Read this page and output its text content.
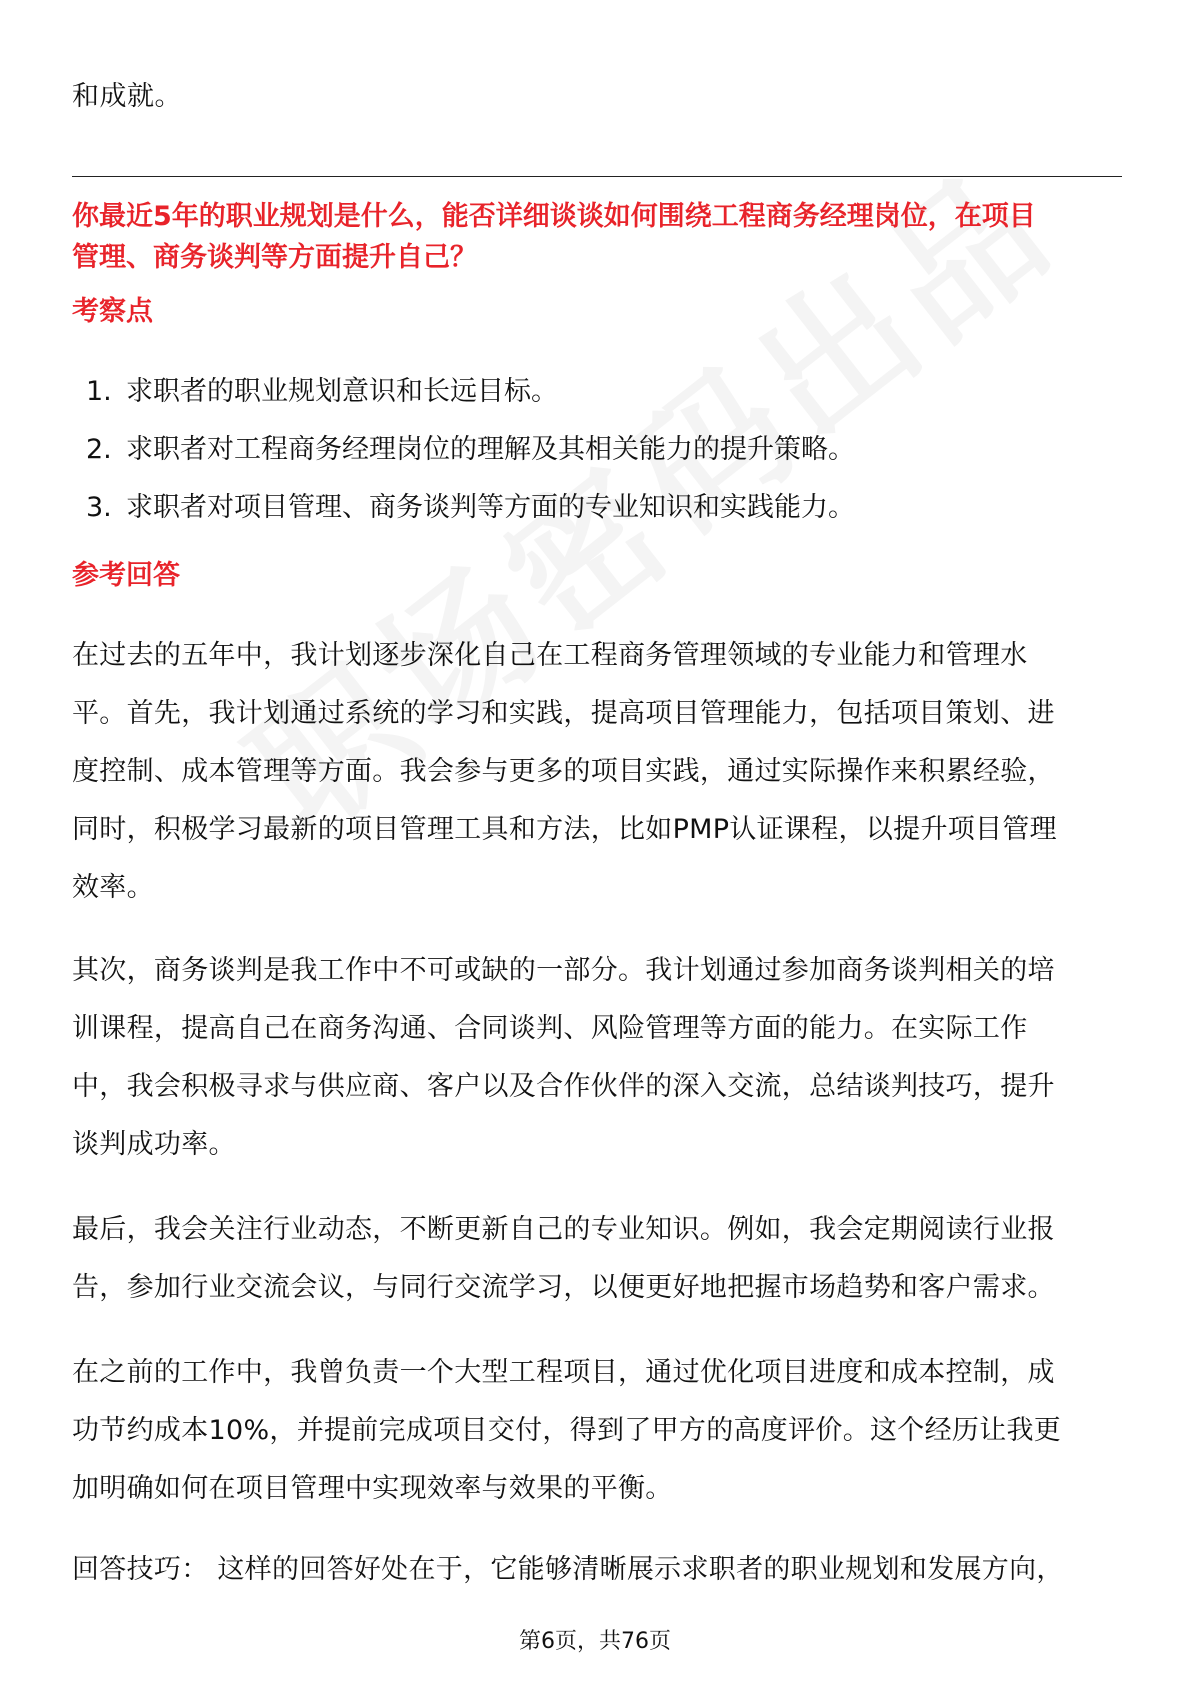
和成就。
你最近5年的职业规划是什么，能否详细谈谈如何围绕工程商务经理岗位，在项目
管理、商务谈判等方面提升自己？
考察点
1. 求职者的职业规划意识和长远目标。
2. 求职者对工程商务经理岗位的理解及其相关能力的提升策略。
3. 求职者对项目管理、商务谈判等方面的专业知识和实践能力。
参考回答
在过去的五年中，我计划逐步深化自己在工程商务管理领域的专业能力和管理水
平。首先，我计划通过系统的学习和实践，提高项目管理能力，包括项目策划、进
度控制、成本管理等方面。我会参与更多的项目实践，通过实际操作来积累经验，
同时，积极学习最新的项目管理工具和方法，比如PMP认证课程，以提升项目管理
效率。
其次，商务谈判是我工作中不可或缺的一部分。我计划通过参加商务谈判相关的培
训课程，提高自己在商务沟通、合同谈判、风险管理等方面的能力。在实际工作
中，我会积极寻求与供应商、客户以及合作伙伴的深入交流，总结谈判技巧，提升
谈判成功率。
最后，我会关注行业动态，不断更新自己的专业知识。例如，我会定期阅读行业报
告，参加行业交流会议，与同行交流学习，以便更好地把握市场趋势和客户需求。
在之前的工作中，我曾负责一个大型工程项目，通过优化项目进度和成本控制，成
功节约成本10%，并提前完成项目交付，得到了甲方的高度评价。这个经历让我更
加明确如何在项目管理中实现效率与效果的平衡。
回答技巧： 这样的回答好处在于，它能够清晰展示求职者的职业规划和发展方向，
第6页，共76页
